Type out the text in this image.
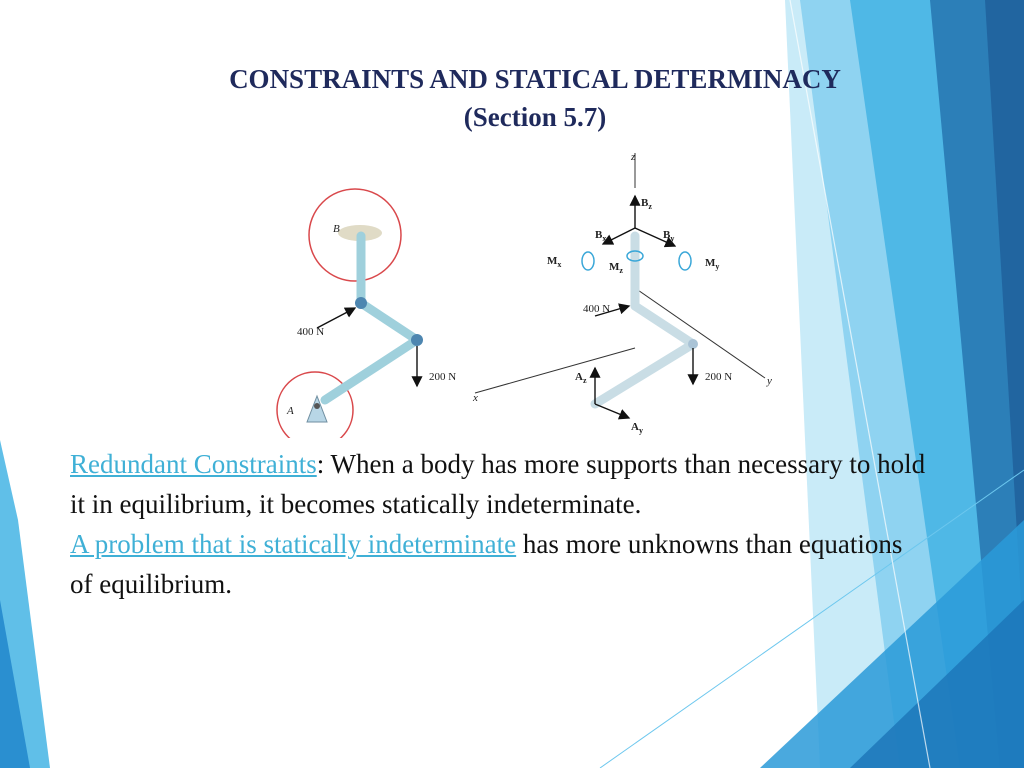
CONSTRAINTS AND STATICAL DETERMINACY
(Section 5.7)
B
A
400 N
200 N
z
x
y
$B_z$
$B_x$	$B_y$
$M_x$	$M_z$
$M_y$
400 N
200 N
$A_z$
$A_y$

Redundant Constraints: When a body has more supports than necessary to hold it in equilibrium, it becomes statically indeterminate.

A problem that is statically indeterminate has more unknowns than equations of equilibrium.
